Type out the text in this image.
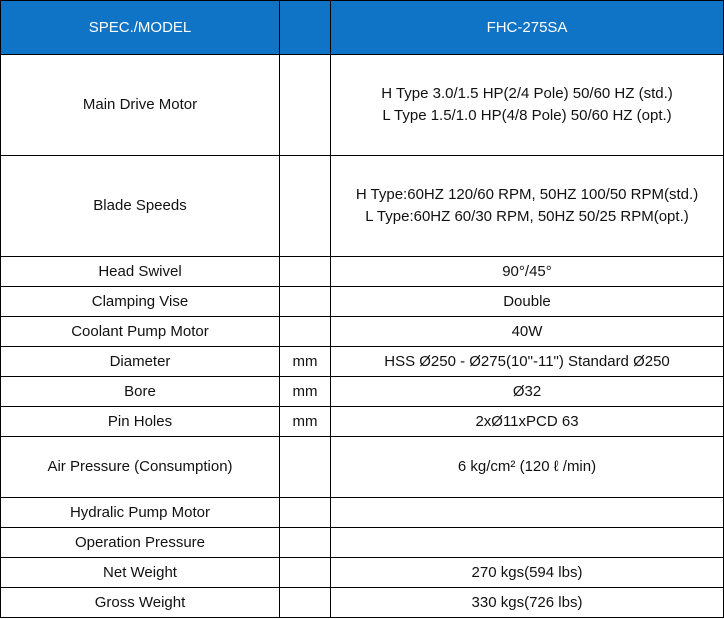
SPEC./MODEL		FHC-275SA
Main Drive Motor		H Type 3.0/1.5 HP(2/4 Pole) 50/60 HZ (std.)
L Type 1.5/1.0 HP(4/8 Pole) 50/60 HZ (opt.)

Blade Speeds		H Type:60HZ 120/60 RPM, 50HZ 100/50 RPM(std.)
L Type:60HZ 60/30 RPM, 50HZ 50/25 RPM(opt.)

Head Swivel		90°/45°
Clamping Vise		Double
Coolant Pump Motor		40W
Diameter	mm	HSS Ø250 - Ø275(10"-11") Standard Ø250
Bore	mm	Ø32
Pin Holes	mm	2xØ11xPCD 63
Air Pressure (Consumption)		6 kg/cm² (120 ℓ /min)
Hydralic Pump Motor		
Operation Pressure		
Net Weight		270 kgs(594 lbs)
Gross Weight		330 kgs(726 lbs)
